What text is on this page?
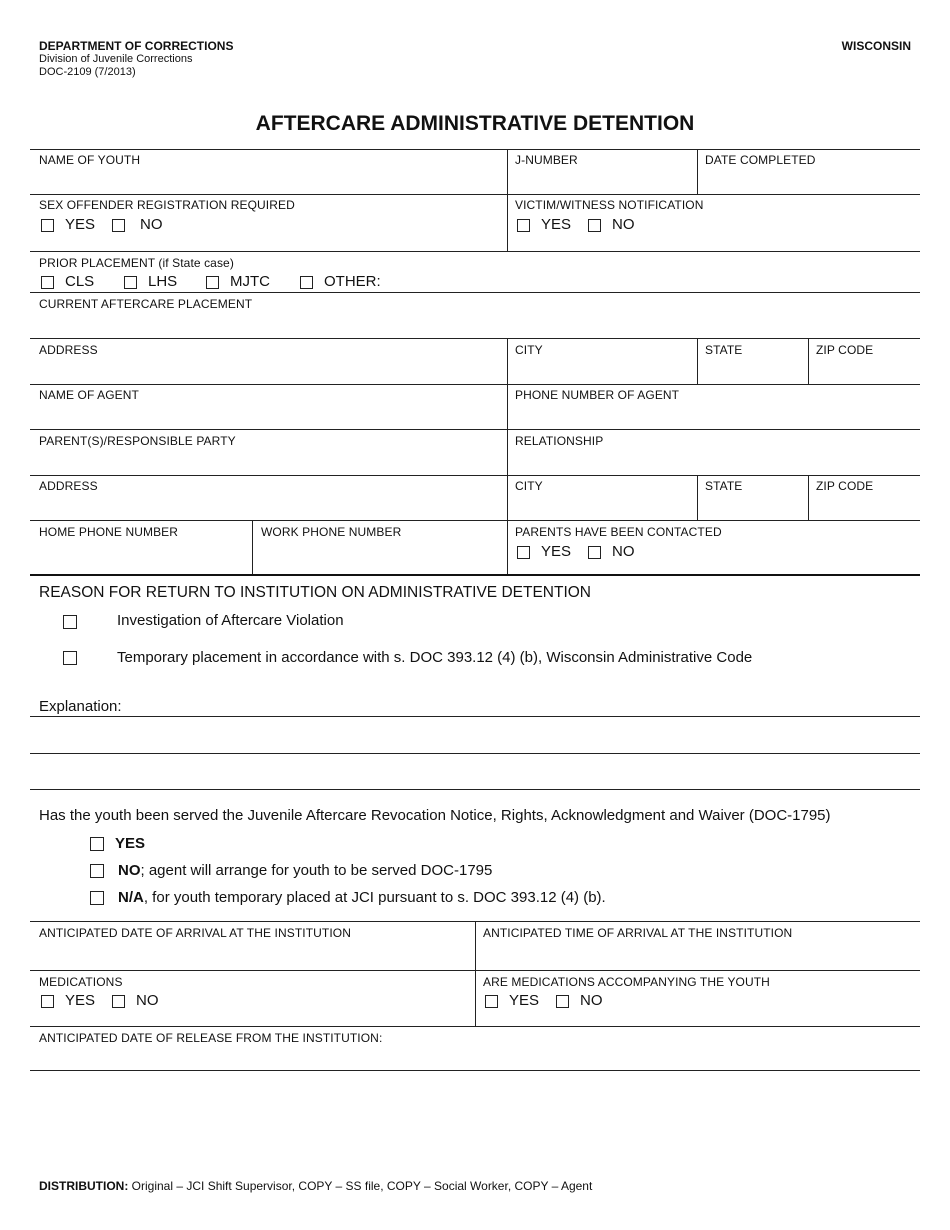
DEPARTMENT OF CORRECTIONS
Division of Juvenile Corrections
DOC-2109 (7/2013)
WISCONSIN
AFTERCARE ADMINISTRATIVE DETENTION
NAME OF YOUTH	J-NUMBER	DATE COMPLETED
SEX OFFENDER REGISTRATION REQUIRED
YES	NO
VICTIM/WITNESS NOTIFICATION
YES	NO
PRIOR PLACEMENT (if State case)
CLS	LHS	MJTC	OTHER:
CURRENT AFTERCARE PLACEMENT
ADDRESS	CITY	STATE	ZIP CODE
NAME OF AGENT	PHONE NUMBER OF AGENT
PARENT(S)/RESPONSIBLE PARTY	RELATIONSHIP
ADDRESS	CITY	STATE	ZIP CODE
HOME PHONE NUMBER	WORK PHONE NUMBER	PARENTS HAVE BEEN CONTACTED
YES	NO
REASON FOR RETURN TO INSTITUTION ON ADMINISTRATIVE DETENTION
Investigation of Aftercare Violation
Temporary placement in accordance with s. DOC 393.12 (4) (b), Wisconsin Administrative Code
Explanation:
Has the youth been served the Juvenile Aftercare Revocation Notice, Rights, Acknowledgment and Waiver (DOC-1795)
YES
NO; agent will arrange for youth to be served DOC-1795
N/A, for youth temporary placed at JCI pursuant to s. DOC 393.12 (4) (b).
ANTICIPATED DATE OF ARRIVAL AT THE INSTITUTION	ANTICIPATED TIME OF ARRIVAL AT THE INSTITUTION
MEDICATIONS
YES	NO
ARE MEDICATIONS ACCOMPANYING THE YOUTH
YES	NO
ANTICIPATED DATE OF RELEASE FROM THE INSTITUTION:
DISTRIBUTION: Original – JCI Shift Supervisor, COPY – SS file, COPY – Social Worker, COPY – Agent
